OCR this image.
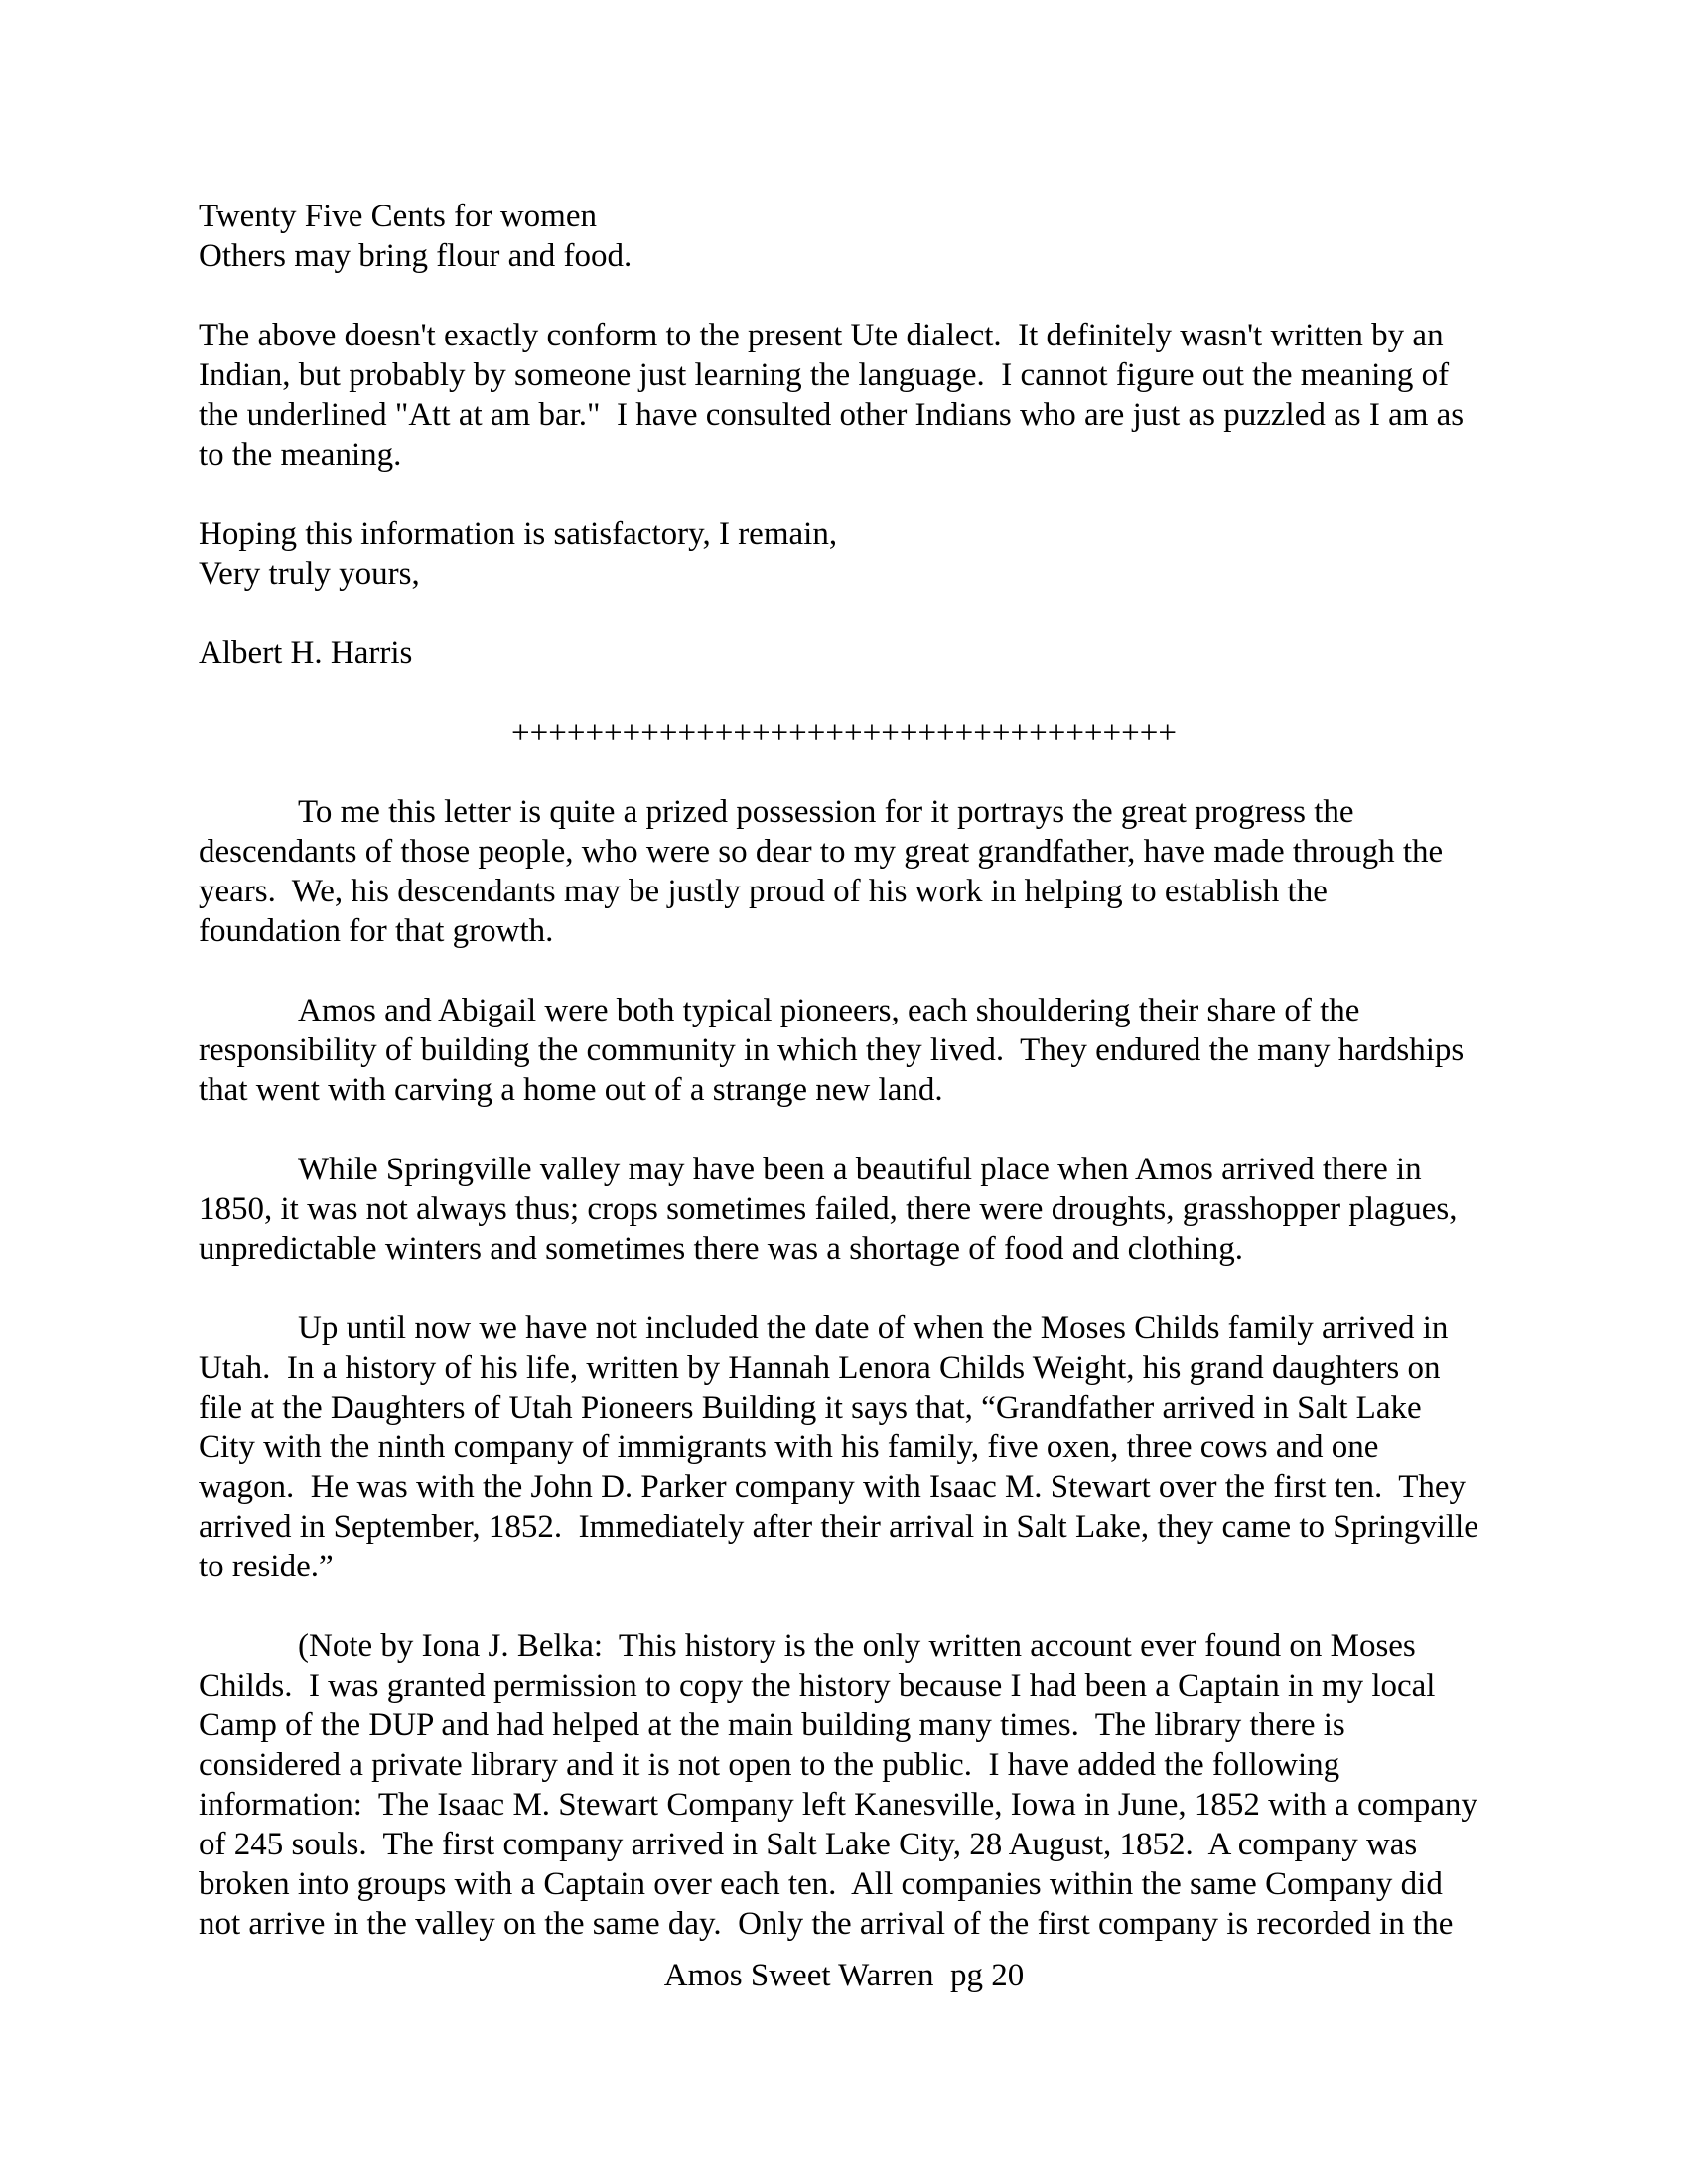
Twenty Five Cents for women
Others may bring flour and food.
The above doesn't exactly conform to the present Ute dialect.  It definitely wasn't written by an
Indian, but probably by someone just learning the language.  I cannot figure out the meaning of
the underlined "Att at am bar."  I have consulted other Indians who are just as puzzled as I am as
to the meaning.
Hoping this information is satisfactory, I remain,
Very truly yours,
Albert H. Harris
++++++++++++++++++++++++++++++++++++
To me this letter is quite a prized possession for it portrays the great progress the
descendants of those people, who were so dear to my great grandfather, have made through the
years.  We, his descendants may be justly proud of his work in helping to establish the
foundation for that growth.
Amos and Abigail were both typical pioneers, each shouldering their share of the
responsibility of building the community in which they lived.  They endured the many hardships
that went with carving a home out of a strange new land.
While Springville valley may have been a beautiful place when Amos arrived there in
1850, it was not always thus; crops sometimes failed, there were droughts, grasshopper plagues,
unpredictable winters and sometimes there was a shortage of food and clothing.
Up until now we have not included the date of when the Moses Childs family arrived in
Utah.  In a history of his life, written by Hannah Lenora Childs Weight, his grand daughters on
file at the Daughters of Utah Pioneers Building it says that, “Grandfather arrived in Salt Lake
City with the ninth company of immigrants with his family, five oxen, three cows and one
wagon.  He was with the John D. Parker company with Isaac M. Stewart over the first ten.  They
arrived in September, 1852.  Immediately after their arrival in Salt Lake, they came to Springville
to reside.”
(Note by Iona J. Belka:  This history is the only written account ever found on Moses
Childs.  I was granted permission to copy the history because I had been a Captain in my local
Camp of the DUP and had helped at the main building many times.  The library there is
considered a private library and it is not open to the public.  I have added the following
information:  The Isaac M. Stewart Company left Kanesville, Iowa in June, 1852 with a company
of 245 souls.  The first company arrived in Salt Lake City, 28 August, 1852.  A company was
broken into groups with a Captain over each ten.  All companies within the same Company did
not arrive in the valley on the same day.  Only the arrival of the first company is recorded in the
Amos Sweet Warren  pg 20
